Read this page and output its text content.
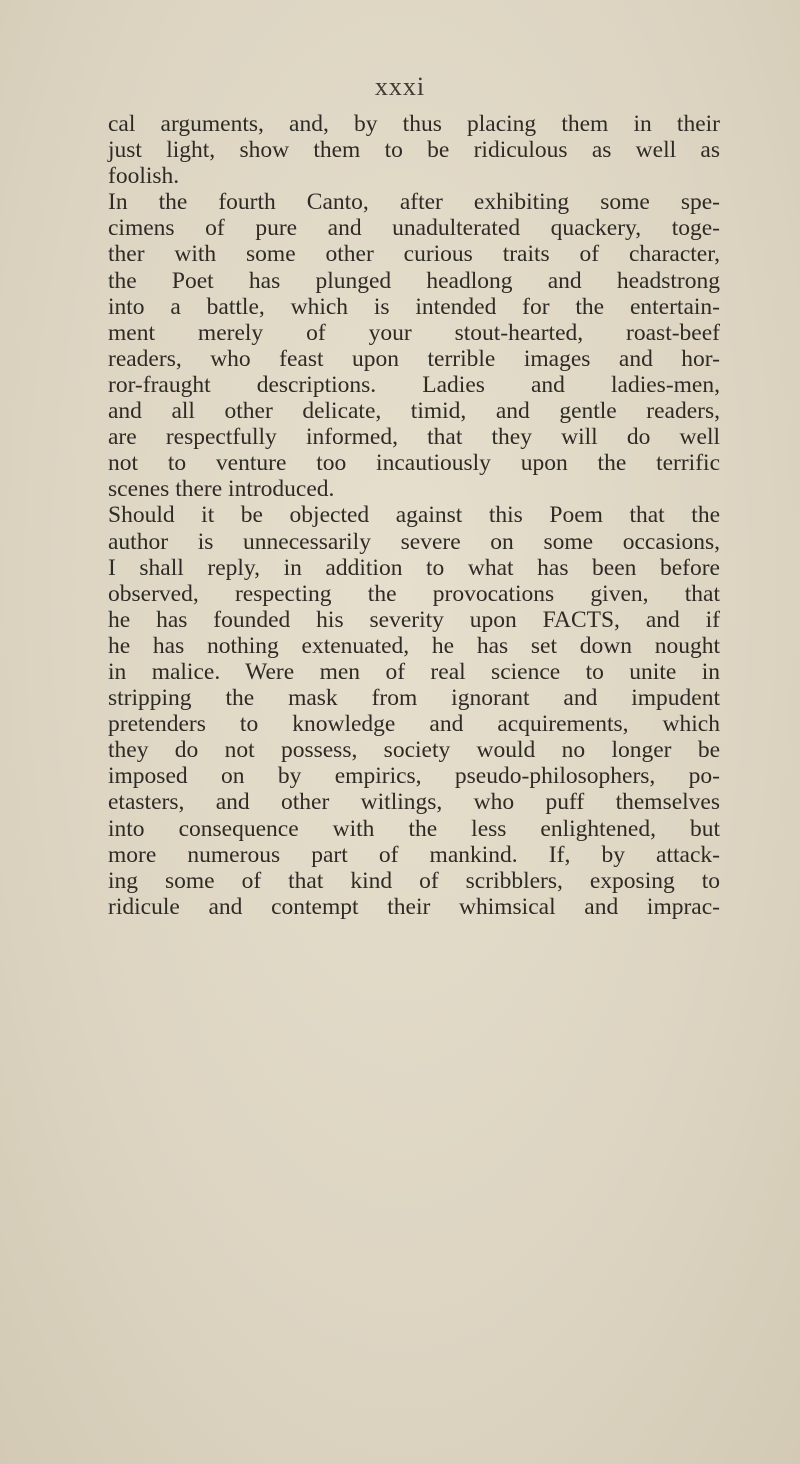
xxxi
cal arguments, and, by thus placing them in their
just light, show them to be ridiculous as well as
foolish.
In the fourth Canto, after exhibiting some spe-
cimens of pure and unadulterated quackery, toge-
ther with some other curious traits of character,
the Poet has plunged headlong and headstrong
into a battle, which is intended for the entertain-
ment merely of your stout-hearted, roast-beef
readers, who feast upon terrible images and hor-
ror-fraught descriptions. Ladies and ladies-men,
and all other delicate, timid, and gentle readers,
are respectfully informed, that they will do well
not to venture too incautiously upon the terrific
scenes there introduced.
Should it be objected against this Poem that the
author is unnecessarily severe on some occasions,
I shall reply, in addition to what has been before
observed, respecting the provocations given, that
he has founded his severity upon FACTS, and if
he has nothing extenuated, he has set down nought
in malice. Were men of real science to unite in
stripping the mask from ignorant and impudent
pretenders to knowledge and acquirements, which
they do not possess, society would no longer be
imposed on by empirics, pseudo-philosophers, po-
etasters, and other witlings, who puff themselves
into consequence with the less enlightened, but
more numerous part of mankind. If, by attack-
ing some of that kind of scribblers, exposing to
ridicule and contempt their whimsical and imprac-
